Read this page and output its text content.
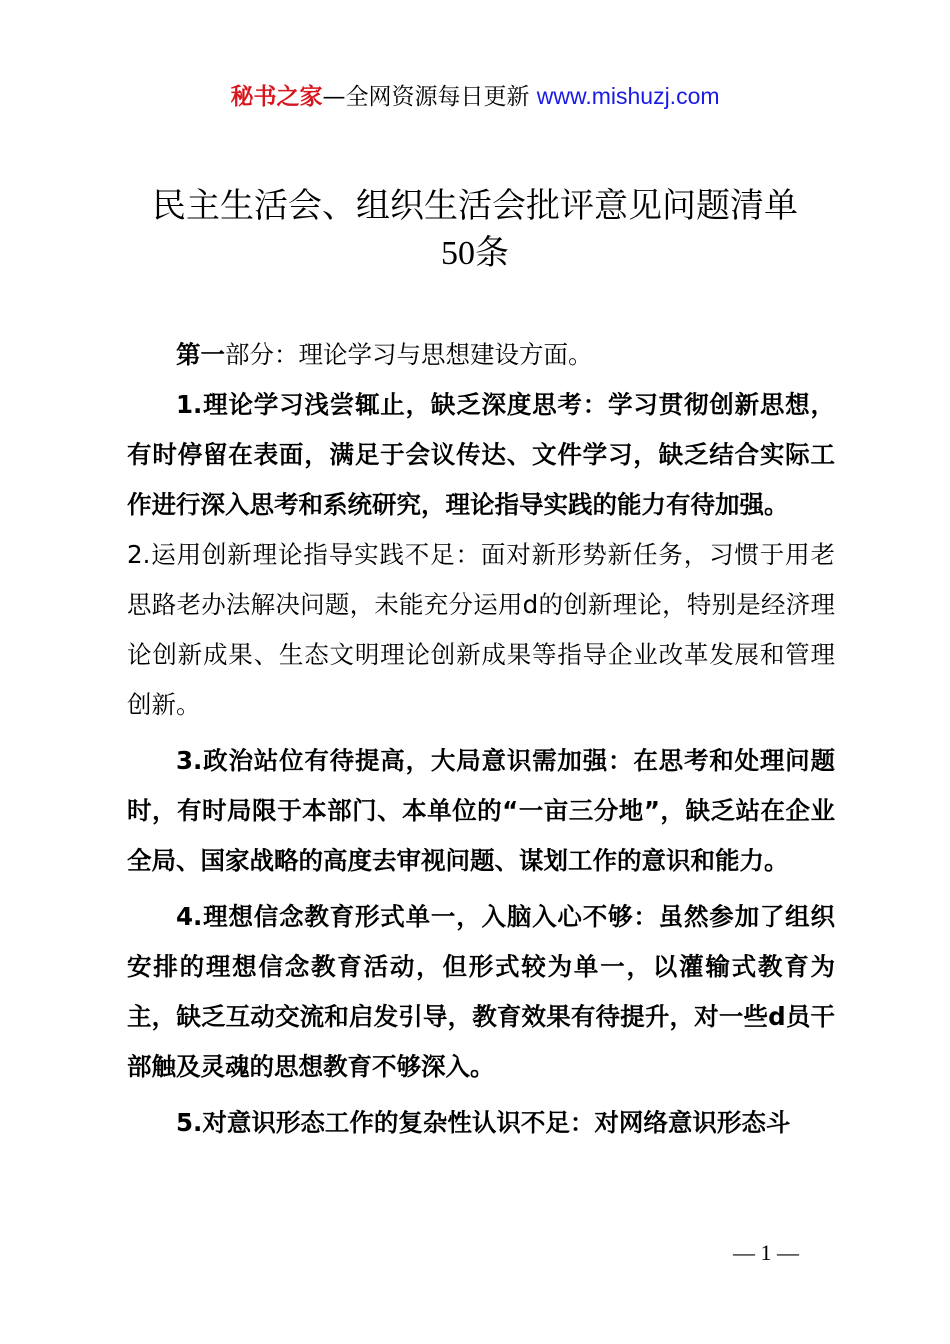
秘书之家—全网资源每日更新 www.mishuzj.com
民主生活会、组织生活会批评意见问题清单
50条

第一部分：理论学习与思想建设方面。

1.理论学习浅尝辄止，缺乏深度思考：学习贯彻创新思想，有时停留在表面，满足于会议传达、文件学习，缺乏结合实际工作进行深入思考和系统研究，理论指导实践的能力有待加强。

2.运用创新理论指导实践不足：面对新形势新任务，习惯于用老思路老办法解决问题，未能充分运用d的创新理论，特别是经济理论创新成果、生态文明理论创新成果等指导企业改革发展和管理创新。

3.政治站位有待提高，大局意识需加强：在思考和处理问题时，有时局限于本部门、本单位的“一亩三分地”，缺乏站在企业全局、国家战略的高度去审视问题、谋划工作的意识和能力。

4.理想信念教育形式单一，入脑入心不够：虽然参加了组织安排的理想信念教育活动，但形式较为单一，以灌输式教育为主，缺乏互动交流和启发引导，教育效果有待提升，对一些d员干部触及灵魂的思想教育不够深入。

5.对意识形态工作的复杂性认识不足：对网络意识形态斗

— 1 —
